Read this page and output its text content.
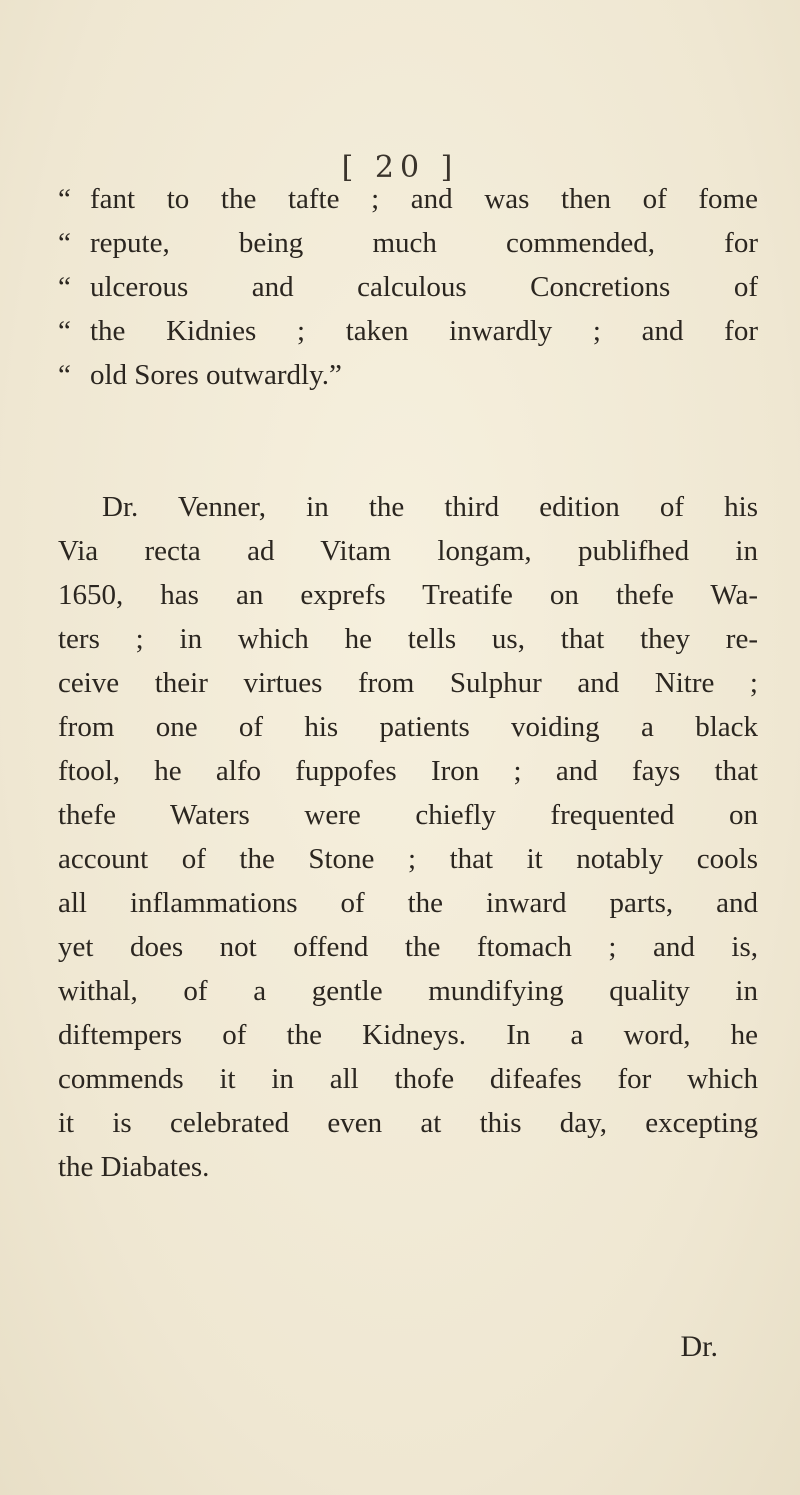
[ 20 ]
“ fant to the tafte ; and was then of fome
“ repute, being much commended, for
“ ulcerous and calculous Concretions of
“ the Kidnies ; taken inwardly ; and for
“ old Sores outwardly.”
Dr. Venner, in the third edition of his
Via recta ad Vitam longam, publifhed in
1650, has an exprefs Treatife on thefe Wa-
ters ; in which he tells us, that they re-
ceive their virtues from Sulphur and Nitre ;
from one of his patients voiding a black
ftool, he alfo fuppofes Iron ; and fays that
thefe Waters were chiefly frequented on
account of the Stone ; that it notably cools
all inflammations of the inward parts, and
yet does not offend the ftomach ; and is,
withal, of a gentle mundifying quality in
diftempers of the Kidneys. In a word, he
commends it in all thofe difeafes for which
it is celebrated even at this day, excepting
the Diabates.
Dr.
